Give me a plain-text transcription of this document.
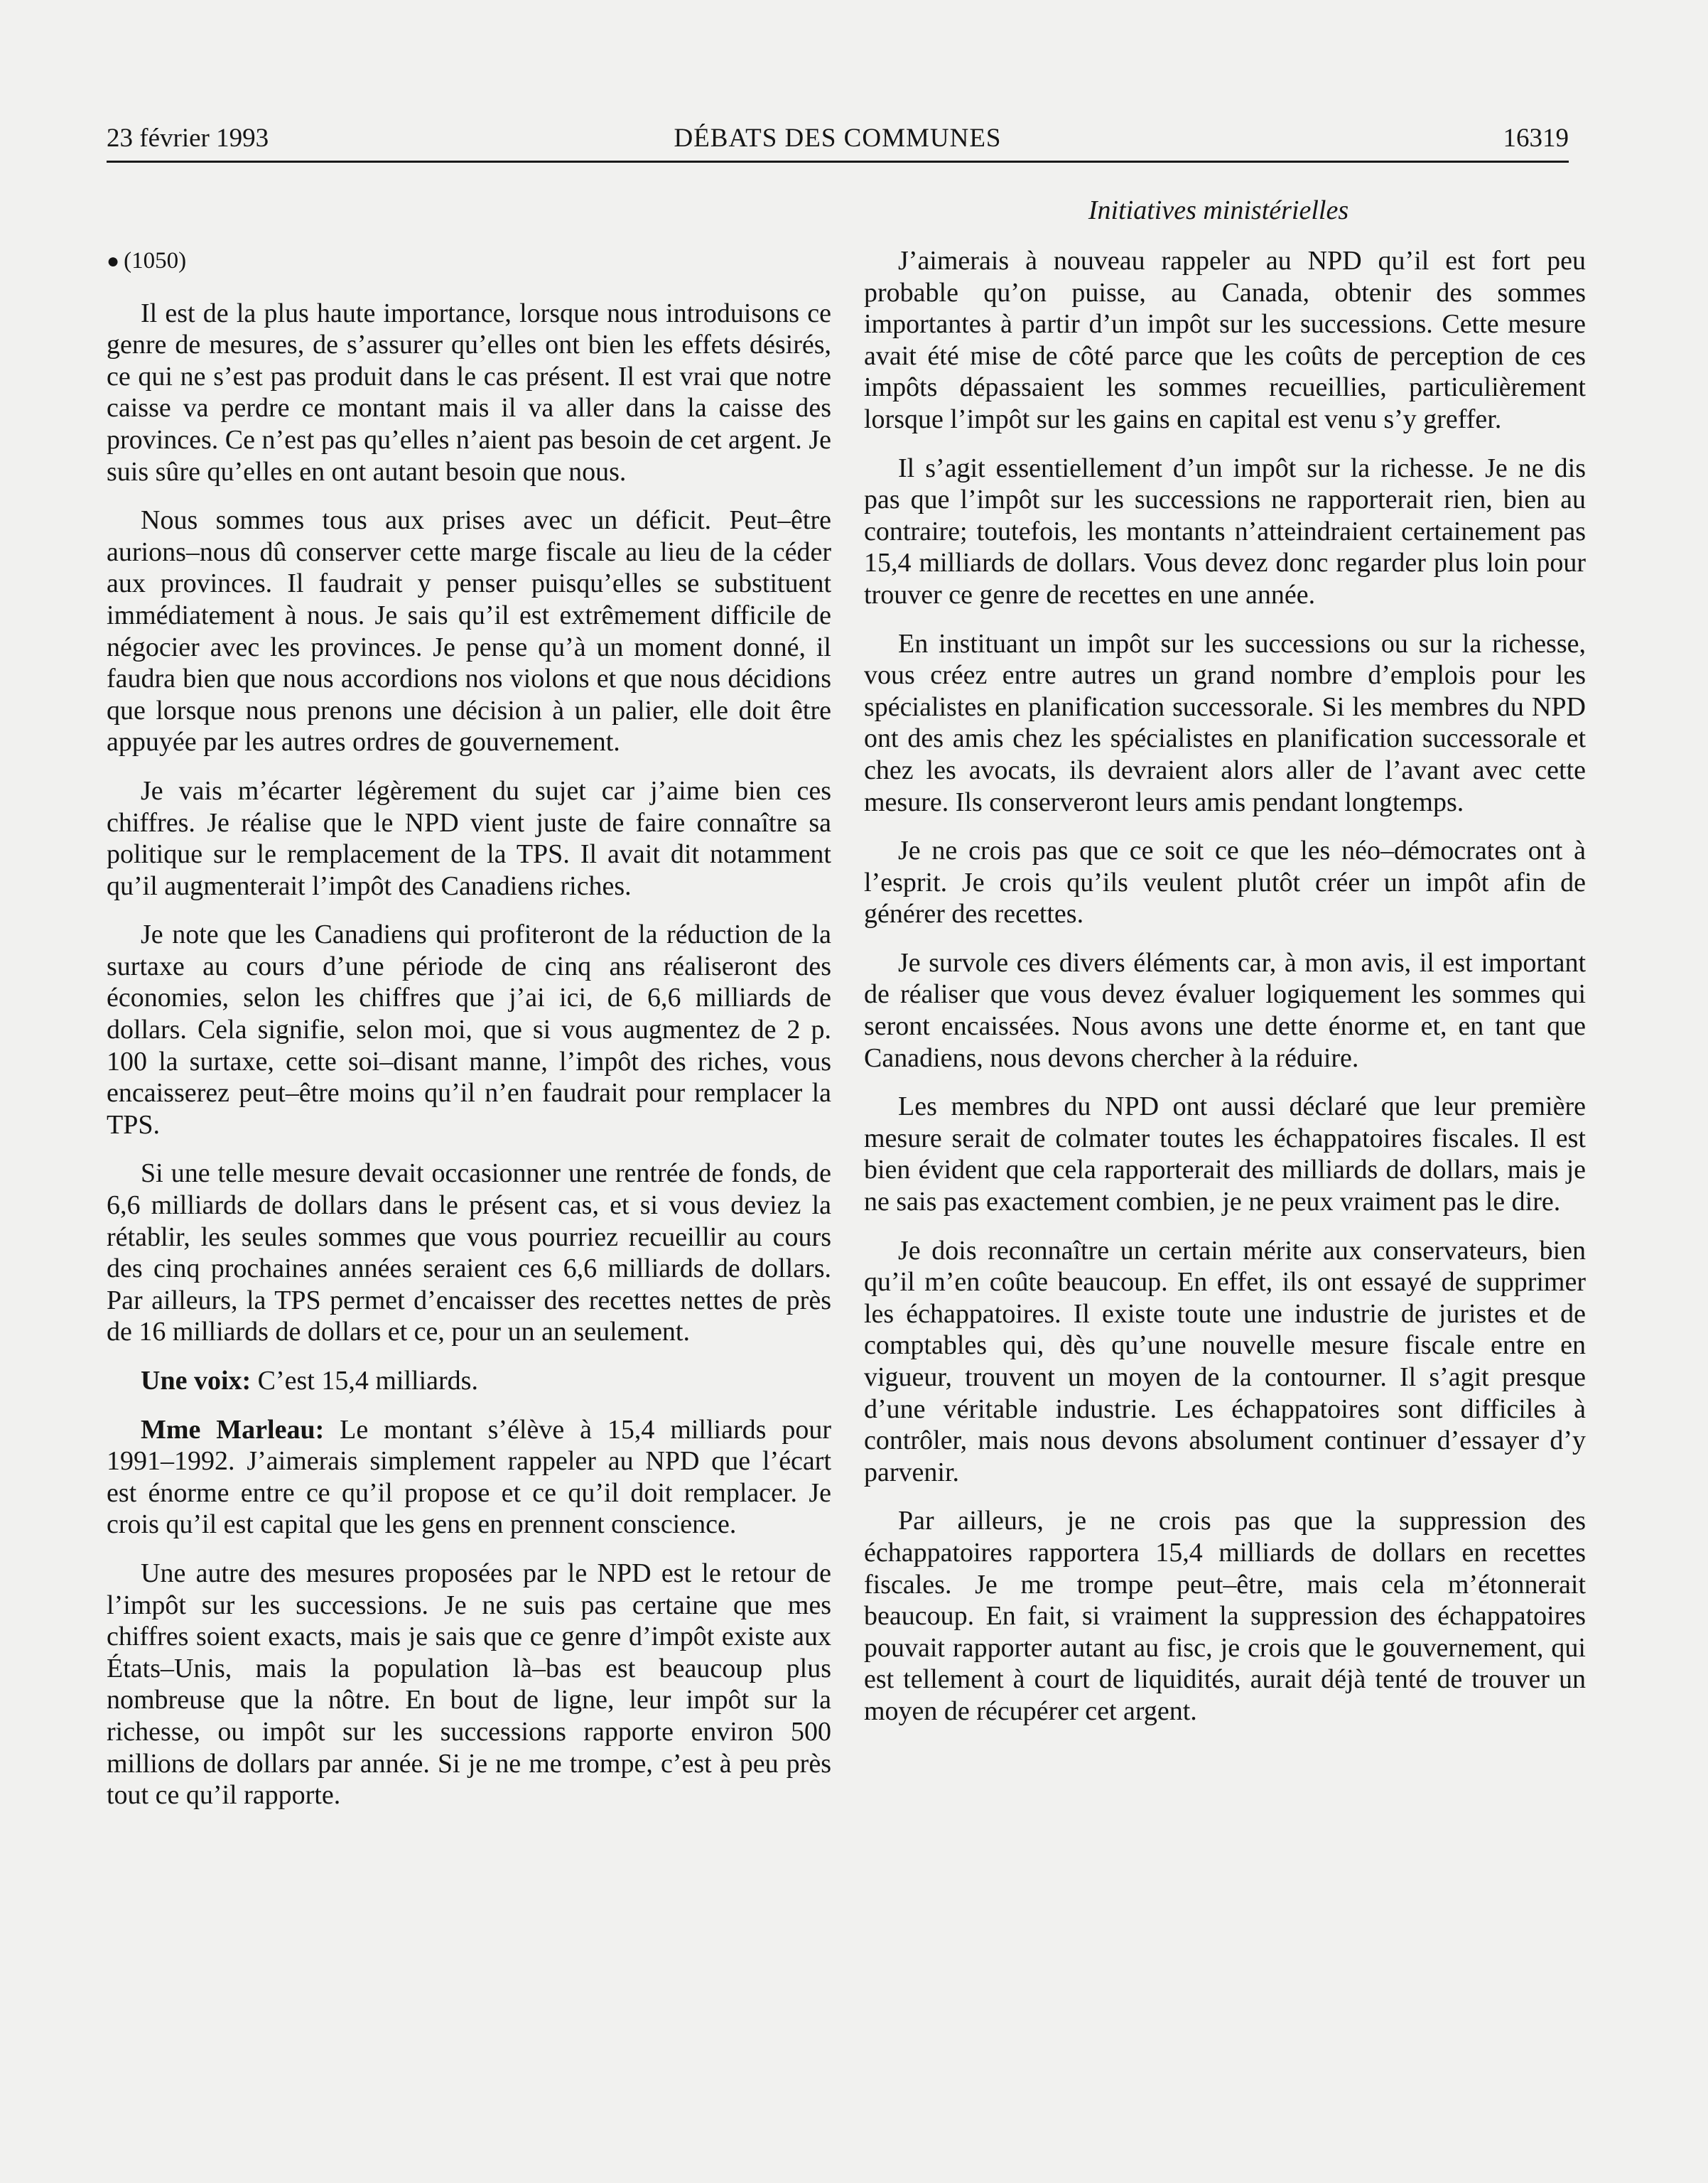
23 février 1993	DÉBATS DES COMMUNES	16319
Initiatives ministérielles

● (1050)

Il est de la plus haute importance, lorsque nous introduisons ce genre de mesures, de s’assurer qu’elles ont bien les effets désirés, ce qui ne s’est pas produit dans le cas présent. Il est vrai que notre caisse va perdre ce montant mais il va aller dans la caisse des provinces. Ce n’est pas qu’elles n’aient pas besoin de cet argent. Je suis sûre qu’elles en ont autant besoin que nous.

Nous sommes tous aux prises avec un déficit. Peut–être aurions–nous dû conserver cette marge fiscale au lieu de la céder aux provinces. Il faudrait y penser puisqu’elles se substituent immédiatement à nous. Je sais qu’il est extrêmement difficile de négocier avec les provinces. Je pense qu’à un moment donné, il faudra bien que nous accordions nos violons et que nous décidions que lorsque nous prenons une décision à un palier, elle doit être appuyée par les autres ordres de gouvernement.

Je vais m’écarter légèrement du sujet car j’aime bien ces chiffres. Je réalise que le NPD vient juste de faire connaître sa politique sur le remplacement de la TPS. Il avait dit notamment qu’il augmenterait l’impôt des Canadiens riches.

Je note que les Canadiens qui profiteront de la réduction de la surtaxe au cours d’une période de cinq ans réaliseront des économies, selon les chiffres que j’ai ici, de 6,6 milliards de dollars. Cela signifie, selon moi, que si vous augmentez de 2 p. 100 la surtaxe, cette soi–disant manne, l’impôt des riches, vous encaisserez peut–être moins qu’il n’en faudrait pour remplacer la TPS.

Si une telle mesure devait occasionner une rentrée de fonds, de 6,6 milliards de dollars dans le présent cas, et si vous deviez la rétablir, les seules sommes que vous pourriez recueillir au cours des cinq prochaines années seraient ces 6,6 milliards de dollars. Par ailleurs, la TPS permet d’encaisser des recettes nettes de près de 16 milliards de dollars et ce, pour un an seulement.

Une voix: C’est 15,4 milliards.

Mme Marleau: Le montant s’élève à 15,4 milliards pour 1991–1992. J’aimerais simplement rappeler au NPD que l’écart est énorme entre ce qu’il propose et ce qu’il doit remplacer. Je crois qu’il est capital que les gens en prennent conscience.

Une autre des mesures proposées par le NPD est le retour de l’impôt sur les successions. Je ne suis pas certaine que mes chiffres soient exacts, mais je sais que ce genre d’impôt existe aux États–Unis, mais la population là–bas est beaucoup plus nombreuse que la nôtre. En bout de ligne, leur impôt sur la richesse, ou impôt sur les successions rapporte environ 500 millions de dollars par année. Si je ne me trompe, c’est à peu près tout ce qu’il rapporte.

J’aimerais à nouveau rappeler au NPD qu’il est fort peu probable qu’on puisse, au Canada, obtenir des sommes importantes à partir d’un impôt sur les successions. Cette mesure avait été mise de côté parce que les coûts de perception de ces impôts dépassaient les sommes recueillies, particulièrement lorsque l’impôt sur les gains en capital est venu s’y greffer.

Il s’agit essentiellement d’un impôt sur la richesse. Je ne dis pas que l’impôt sur les successions ne rapporterait rien, bien au contraire; toutefois, les montants n’atteindraient certainement pas 15,4 milliards de dollars. Vous devez donc regarder plus loin pour trouver ce genre de recettes en une année.

En instituant un impôt sur les successions ou sur la richesse, vous créez entre autres un grand nombre d’emplois pour les spécialistes en planification successorale. Si les membres du NPD ont des amis chez les spécialistes en planification successorale et chez les avocats, ils devraient alors aller de l’avant avec cette mesure. Ils conserveront leurs amis pendant longtemps.

Je ne crois pas que ce soit ce que les néo–démocrates ont à l’esprit. Je crois qu’ils veulent plutôt créer un impôt afin de générer des recettes.

Je survole ces divers éléments car, à mon avis, il est important de réaliser que vous devez évaluer logiquement les sommes qui seront encaissées. Nous avons une dette énorme et, en tant que Canadiens, nous devons chercher à la réduire.

Les membres du NPD ont aussi déclaré que leur première mesure serait de colmater toutes les échappatoires fiscales. Il est bien évident que cela rapporterait des milliards de dollars, mais je ne sais pas exactement combien, je ne peux vraiment pas le dire.

Je dois reconnaître un certain mérite aux conservateurs, bien qu’il m’en coûte beaucoup. En effet, ils ont essayé de supprimer les échappatoires. Il existe toute une industrie de juristes et de comptables qui, dès qu’une nouvelle mesure fiscale entre en vigueur, trouvent un moyen de la contourner. Il s’agit presque d’une véritable industrie. Les échappatoires sont difficiles à contrôler, mais nous devons absolument continuer d’essayer d’y parvenir.

Par ailleurs, je ne crois pas que la suppression des échappatoires rapportera 15,4 milliards de dollars en recettes fiscales. Je me trompe peut–être, mais cela m’étonnerait beaucoup. En fait, si vraiment la suppression des échappatoires pouvait rapporter autant au fisc, je crois que le gouvernement, qui est tellement à court de liquidités, aurait déjà tenté de trouver un moyen de récupérer cet argent.
